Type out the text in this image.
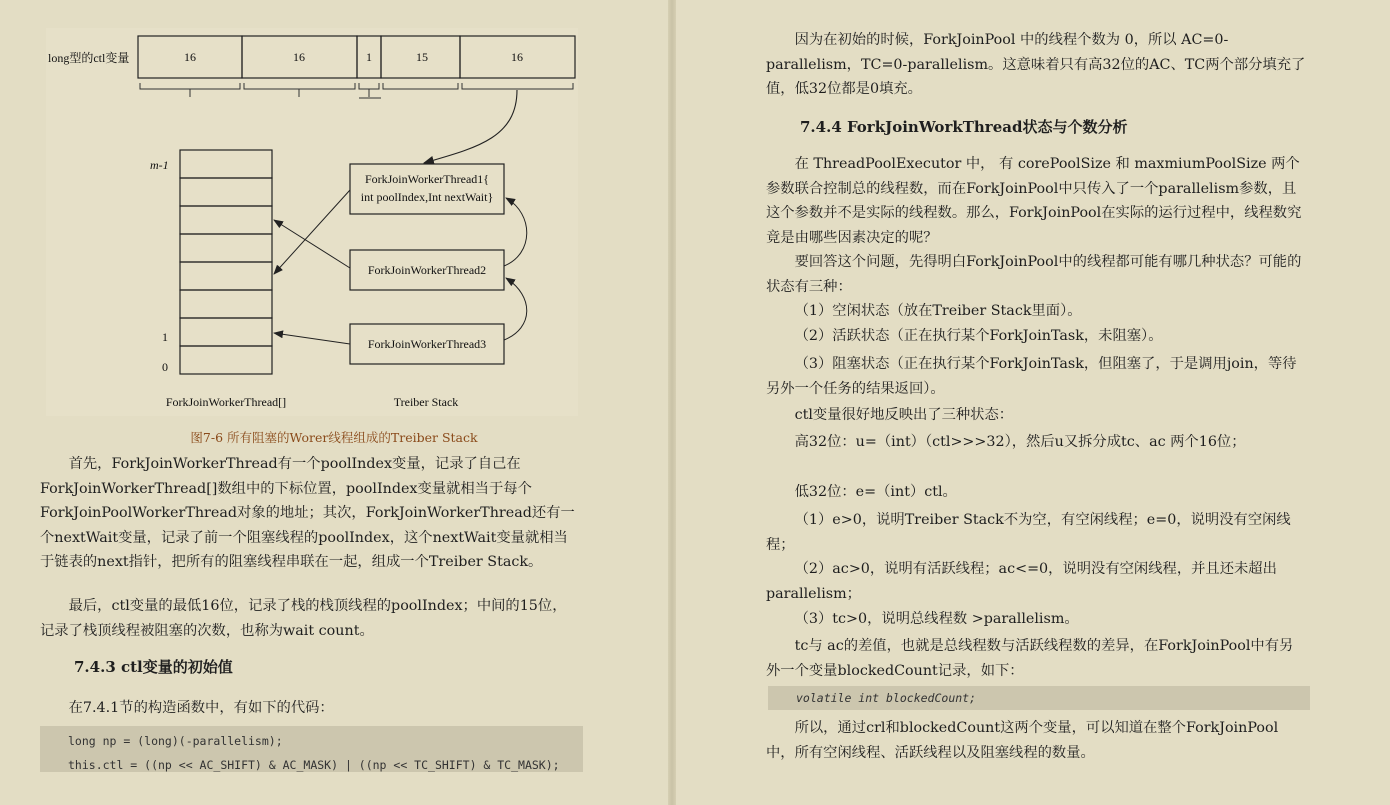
long型的ctl变量	16	16	1	15	16
m-1
1
0
ForkJoinWorkerThread1{
int poolIndex,Int nextWait}
ForkJoinWorkerThread2
ForkJoinWorkerThread3
ForkJoinWorkerThread[]	Treiber Stack
图7-6 所有阻塞的Worer线程组成的Treiber Stack

首先，ForkJoinWorkerThread有一个poolIndex变量，记录了自己在ForkJoinWorkerThread[]数组中的下标位置，poolIndex变量就相当于每个ForkJoinPoolWorkerThread对象的地址；其次，ForkJoinWorkerThread还有一个nextWait变量，记录了前一个阻塞线程的poolIndex，这个nextWait变量就相当于链表的next指针，把所有的阻塞线程串联在一起，组成一个Treiber Stack。

最后，ctl变量的最低16位，记录了栈的栈顶线程的poolIndex；中间的15位，记录了栈顶线程被阻塞的次数，也称为wait count。

7.4.3 ctl变量的初始值

在7.4.1节的构造函数中，有如下的代码：

long np = (long)(-parallelism);
this.ctl = ((np << AC_SHIFT) & AC_MASK) | ((np << TC_SHIFT) & TC_MASK);

因为在初始的时候，ForkJoinPool 中的线程个数为 0，所以 AC=0-parallelism，TC=0-parallelism。这意味着只有高32位的AC、TC两个部分填充了值，低32位都是0填充。

7.4.4 ForkJoinWorkThread状态与个数分析

在 ThreadPoolExecutor 中， 有 corePoolSize 和 maxmiumPoolSize 两个参数联合控制总的线程数，而在ForkJoinPool中只传入了一个parallelism参数，且这个参数并不是实际的线程数。那么，ForkJoinPool在实际的运行过程中，线程数究竟是由哪些因素决定的呢？

要回答这个问题，先得明白ForkJoinPool中的线程都可能有哪几种状态？可能的状态有三种：

（1）空闲状态（放在Treiber Stack里面）。

（2）活跃状态（正在执行某个ForkJoinTask，未阻塞）。

（3）阻塞状态（正在执行某个ForkJoinTask，但阻塞了，于是调用join，等待另外一个任务的结果返回）。

ctl变量很好地反映出了三种状态：

高32位：u=（int）（ctl>>>32），然后u又拆分成tc、ac 两个16位；

低32位：e=（int）ctl。

（1）e>0，说明Treiber Stack不为空，有空闲线程；e=0，说明没有空闲线程；

（2）ac>0，说明有活跃线程；ac<=0，说明没有空闲线程，并且还未超出parallelism；

（3）tc>0，说明总线程数 >parallelism。

tc与 ac的差值，也就是总线程数与活跃线程数的差异，在ForkJoinPool中有另外一个变量blockedCount记录，如下：

volatile int blockedCount;

所以，通过crl和blockedCount这两个变量，可以知道在整个ForkJoinPool中，所有空闲线程、活跃线程以及阻塞线程的数量。
